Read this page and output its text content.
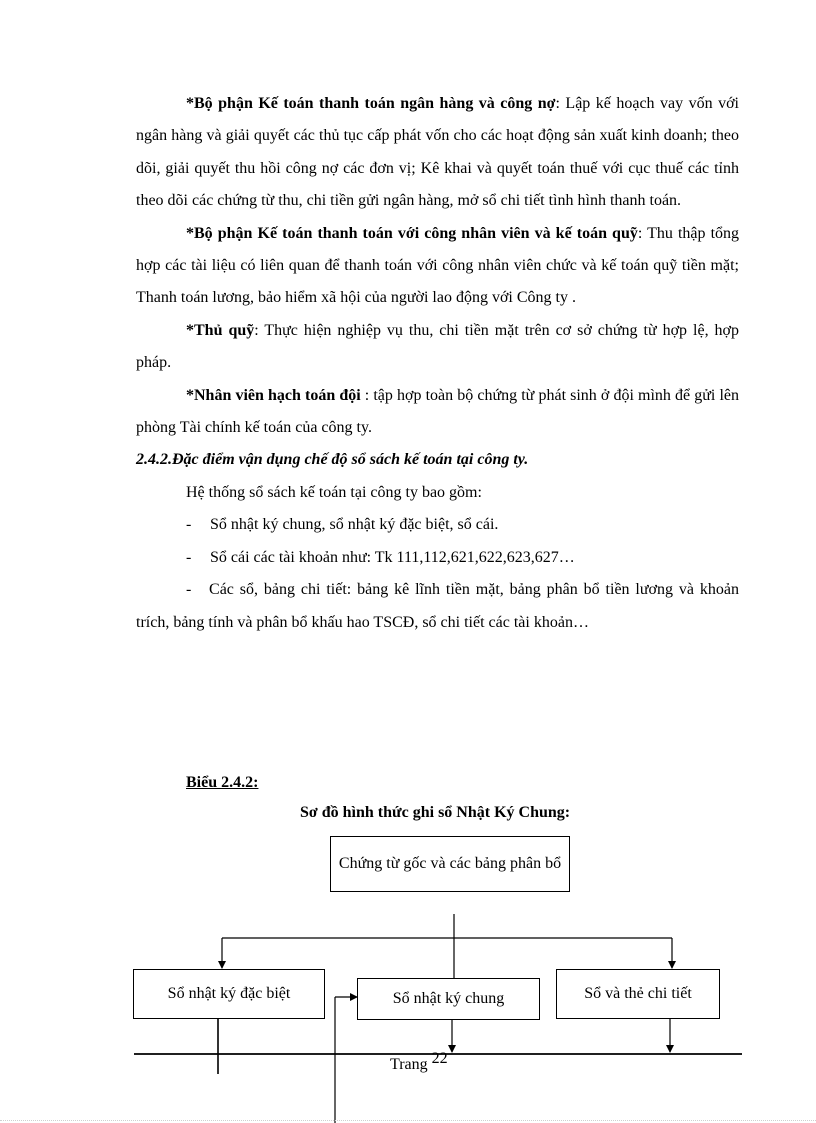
*Bộ phận Kế toán thanh toán ngân hàng và công nợ: Lập kế hoạch vay vốn với ngân hàng và giải quyết các thủ tục cấp phát vốn cho các hoạt động sản xuất kinh doanh; theo dõi, giải quyết thu hồi công nợ các đơn vị; Kê khai và quyết toán thuế với cục thuế các tỉnh theo dõi các chứng từ thu, chi tiền gửi ngân hàng, mở sổ chi tiết tình hình thanh toán.

*Bộ phận Kế toán thanh toán với công nhân viên và kế toán quỹ: Thu thập tổng hợp các tài liệu có liên quan để thanh toán với công nhân viên chức và kế toán quỹ tiền mặt; Thanh toán lương, bảo hiểm xã hội của người lao động với Công ty .

*Thủ quỹ: Thực hiện nghiệp vụ thu, chi tiền mặt trên cơ sở chứng từ hợp lệ, hợp pháp.

*Nhân viên hạch toán đội : tập hợp toàn bộ chứng từ phát sinh ở đội mình để gửi lên phòng Tài chính kế toán của công ty.

2.4.2.Đặc điểm vận dụng chế độ sổ sách kế toán tại công ty.

Hệ thống sổ sách kế toán tại công ty bao gồm:

- Sổ nhật ký chung, sổ nhật ký đặc biệt, sổ cái.

- Sổ cái các tài khoản như: Tk 111,112,621,622,623,627…

- Các sổ, bảng chi tiết: bảng kê lĩnh tiền mặt, bảng phân bổ tiền lương và khoản trích, bảng tính và phân bổ khấu hao TSCĐ, sổ chi tiết các tài khoản…

Biểu 2.4.2:
Sơ đồ hình thức ghi sổ Nhật Ký Chung:
Chứng từ gốc và các bảng phân bổ
Sổ nhật ký đặc biệt	Sổ nhật ký chung	Sổ và thẻ chi tiết
Trang 22
